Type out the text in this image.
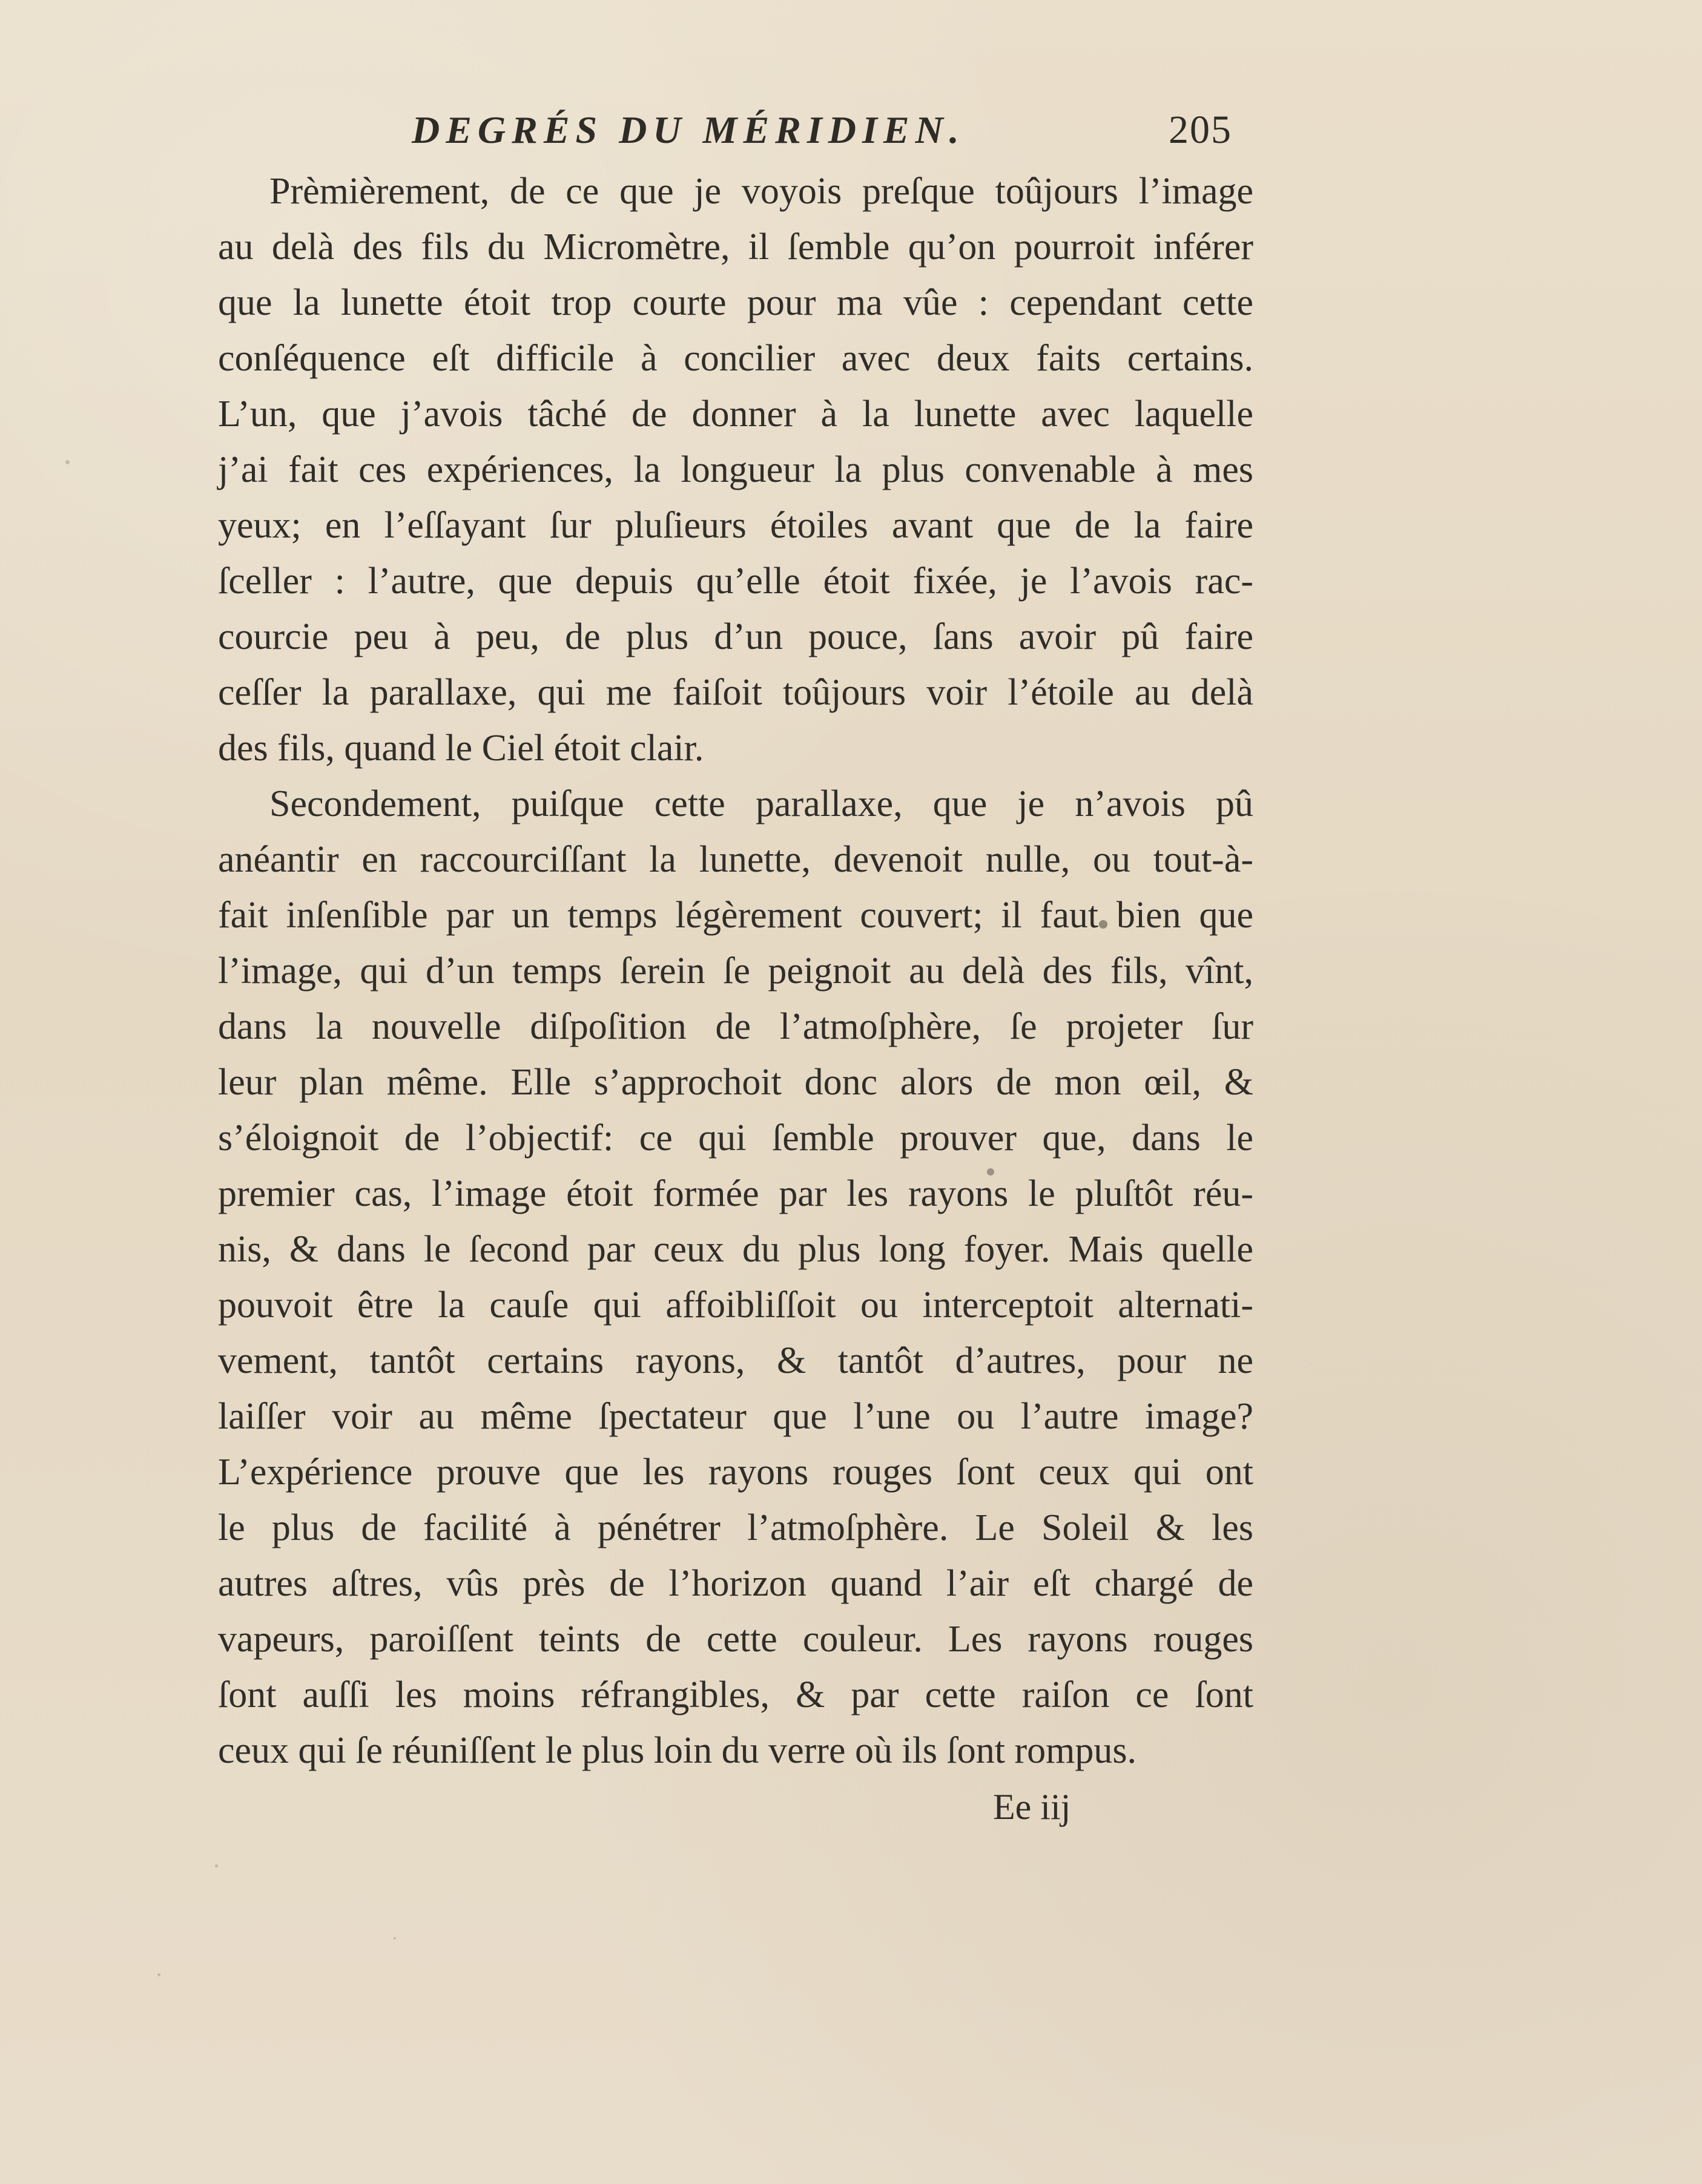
DEGRÉS DU MÉRIDIEN.	205
Prèmièrement, de ce que je voyois preſque toûjours l’image
au delà des fils du Micromètre, il ſemble qu’on pourroit inférer
que la lunette étoit trop courte pour ma vûe : cependant cette
conſéquence eſt difficile à concilier avec deux faits certains.
L’un, que j’avois tâché de donner à la lunette avec laquelle
j’ai fait ces expériences, la longueur la plus convenable à mes
yeux; en l’eſſayant ſur pluſieurs étoiles avant que de la faire
ſceller : l’autre, que depuis qu’elle étoit fixée, je l’avois rac-
courcie peu à peu, de plus d’un pouce, ſans avoir pû faire
ceſſer la parallaxe, qui me faiſoit toûjours voir l’étoile au delà
des fils, quand le Ciel étoit clair.
Secondement, puiſque cette parallaxe, que je n’avois pû
anéantir en raccourciſſant la lunette, devenoit nulle, ou tout-à-
fait inſenſible par un temps légèrement couvert; il faut bien que
l’image, qui d’un temps ſerein ſe peignoit au delà des fils, vînt,
dans la nouvelle diſpoſition de l’atmoſphère, ſe projeter ſur
leur plan même. Elle s’approchoit donc alors de mon œil, &
s’éloignoit de l’objectif: ce qui ſemble prouver que, dans le
premier cas, l’image étoit formée par les rayons le pluſtôt réu-
nis, & dans le ſecond par ceux du plus long foyer. Mais quelle
pouvoit être la cauſe qui affoibliſſoit ou interceptoit alternati-
vement, tantôt certains rayons, & tantôt d’autres, pour ne
laiſſer voir au même ſpectateur que l’une ou l’autre image?
L’expérience prouve que les rayons rouges ſont ceux qui ont
le plus de facilité à pénétrer l’atmoſphère. Le Soleil & les
autres aſtres, vûs près de l’horizon quand l’air eſt chargé de
vapeurs, paroiſſent teints de cette couleur. Les rayons rouges
ſont auſſi les moins réfrangibles, & par cette raiſon ce ſont
ceux qui ſe réuniſſent le plus loin du verre où ils ſont rompus.
Ee iij
